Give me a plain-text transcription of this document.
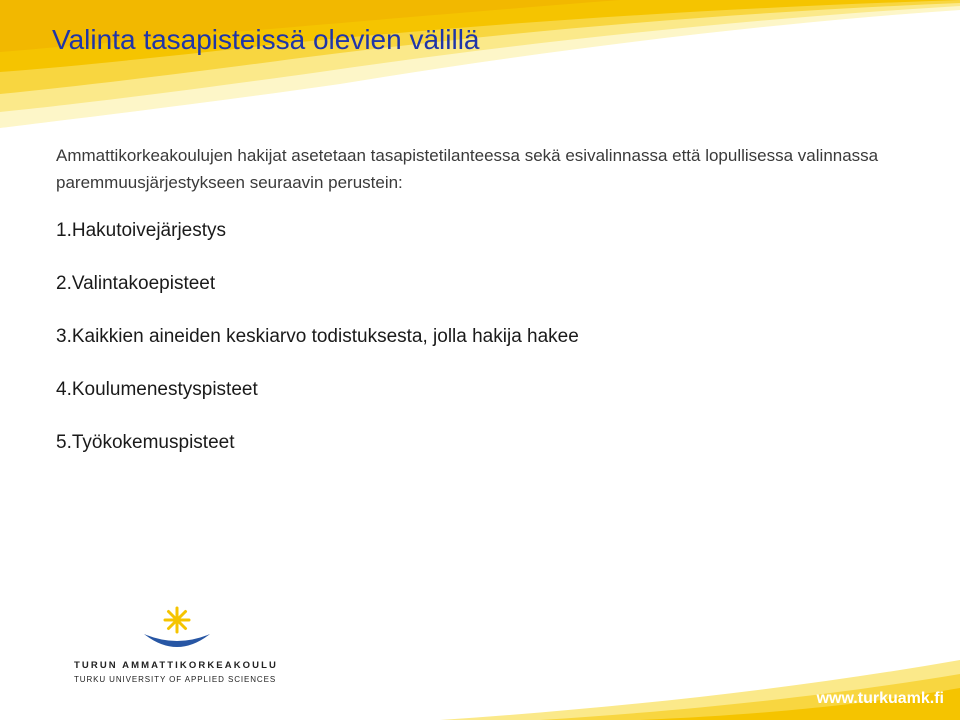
Valinta tasapisteissä olevien välillä

Ammattikorkeakoulujen hakijat asetetaan tasapistetilanteessa sekä esivalinnassa että lopullisessa valinnassa paremmuusjärjestykseen seuraavin perustein:

1.Hakutoivejärjestys
2.Valintakoepisteet
3.Kaikkien aineiden keskiarvo todistuksesta, jolla hakija hakee
4.Koulumenestyspisteet
5.Työkokemuspisteet
TURUN AMMATTIKORKEAKOULU
TURKU UNIVERSITY OF APPLIED SCIENCES
www.turkuamk.fi
